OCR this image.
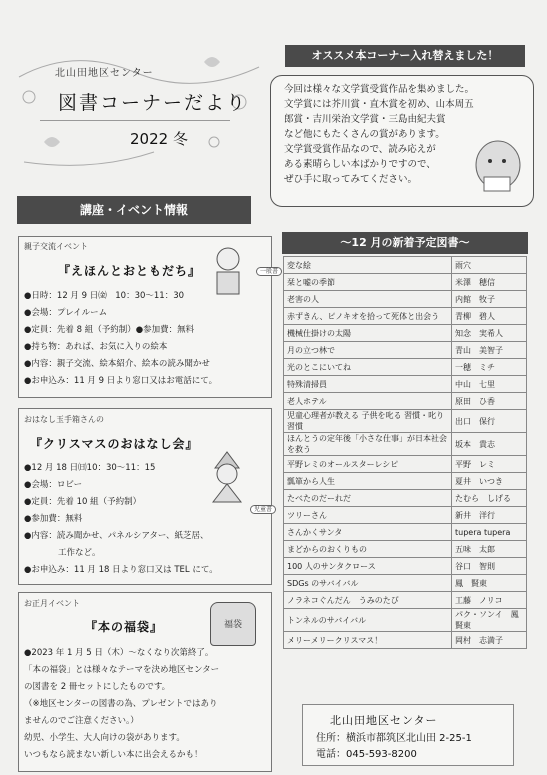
北山田地区センター
図書コーナーだより
2022 冬
オススメ本コーナー入れ替えました！
今回は様々な文学賞受賞作品を集めました。
文学賞には芥川賞・直木賞を初め、山本周五
郎賞・吉川栄治文学賞・三島由紀夫賞
など他にもたくさんの賞があります。
文学賞受賞作品なので、読み応えが
ある素晴らしい本ばかりですので、
ぜひ手に取ってみてください。
講座・イベント情報
親子交流イベント
『えほんとおともだち』
●日時：12 月 9 日㈮　10：30～11：30
●会場：プレイルーム
●定員：先着 8 組（予約制）●参加費：無料
●持ち物：あれば、お気に入りの絵本
●内容：親子交流、絵本紹介、絵本の読み聞かせ
●お申込み：11 月 9 日より窓口又はお電話にて。
一般書
おはなし玉手箱さんの
『クリスマスのおはなし会』
●12 月 18 日㈰10：30～11：15
●会場：ロビー
●定員：先着 10 組（予約制）
●参加費：無料
●内容：読み聞かせ、パネルシアター、紙芝居、
　　　　工作など。
●お申込み：11 月 18 日より窓口又は TEL にて。
お正月イベント
『本の福袋』	福袋
●2023 年 1 月 5 日（木）～なくなり次第終了。
「本の福袋」とは様々なテーマを決め地区センター
の図書を 2 冊セットにしたものです。
（※地区センターの図書の為、プレゼントではあり
ませんのでご注意ください。）
幼児、小学生、大人向けの袋があります。
いつもなら読まない新しい本に出会えるかも！
～12 月の新着予定図書～
変な絵	雨穴
栞と嘘の季節	米澤　穂信
老害の人	内館　牧子
赤ずきん、ピノキオを拾って死体と出会う	青柳　碧人
機械仕掛けの太陽	知念　実希人
月の立つ林で	青山　美智子
光のとこにいてね	一穂　ミチ
特殊清掃員	中山　七里
老人ホテル	原田　ひ香
児童心理者が教える 子供を叱る 習慣・叱り習慣	出口　保行
ほんとうの定年後「小さな仕事」が日本社会を救う	坂本　貴志
平野レミのオールスターレシピ	平野　レミ
瓢箪から人生	夏井　いつき
たべたのだーれだ	たむら　しげる
ツリーさん	新井　洋行
さんかくサンタ	tupera tupera
まどからのおくりもの	五味　太郎
100 人のサンタクロース	谷口　智則
SDGs のサバイバル	鳳　賢東
ノラネコぐんだん　うみのたび	工藤　ノリコ
トンネルのサバイバル	パク・ソンイ　鳳賢東
メリーメリークリスマス！	岡村　志満子
児童書
北山田地区センター
住所：横浜市都筑区北山田 2-25-1
電話：045-593-8200
